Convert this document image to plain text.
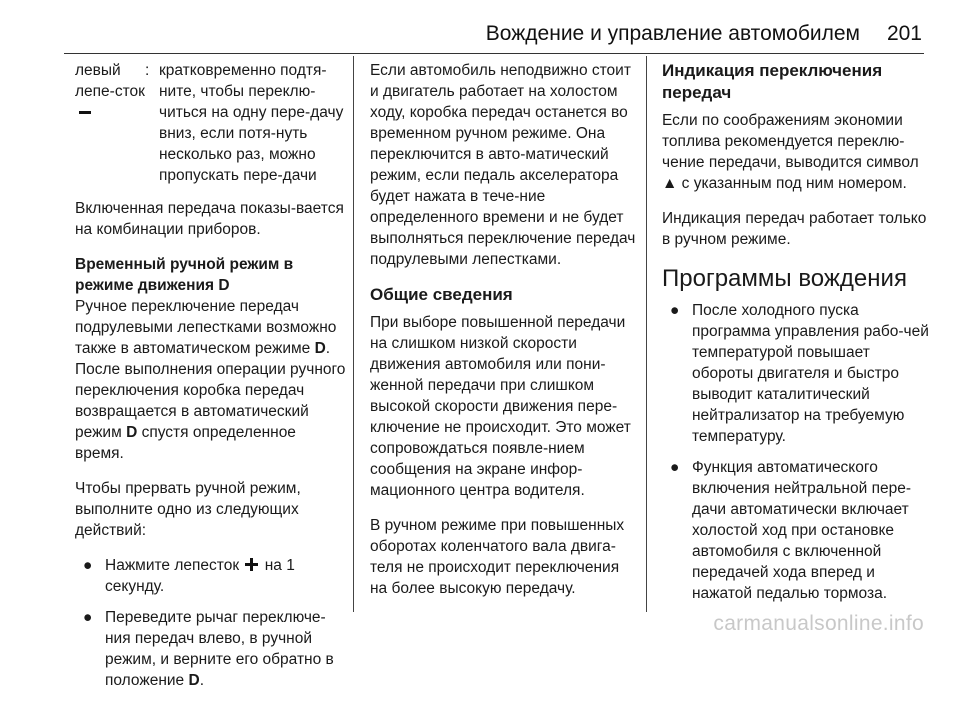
Вождение и управление автомобилем 201
левый лепе-сток
: кратковременно подтя-ните, чтобы переклю-читься на одну пере-дачу вниз, если потя-нуть несколько раз, можно пропускать пере-дачи

Включенная передача показы-вается на комбинации приборов.

Временный ручной режим в режиме движения D

Ручное переключение передач подрулевыми лепестками возможно также в автоматическом режиме D. После выполнения операции ручного переключения коробка передач возвращается в автоматический режим D спустя определенное время.

Чтобы прервать ручной режим, выполните одно из следующих действий:

● Нажмите лепесток  на 1 секунду.
● Переведите рычаг переключе-ния передач влево, в ручной режим, и верните его обратно в положение D.

Если автомобиль неподвижно стоит и двигатель работает на холостом ходу, коробка передач останется во временном ручном режиме. Она переключится в авто-матический режим, если педаль акселератора будет нажата в тече-ние определенного времени и не будет выполняться переключение передач подрулевыми лепестками.

Общие сведения

При выборе повышенной передачи на слишком низкой скорости движения автомобиля или пони-женной передачи при слишком высокой скорости движения пере-ключение не происходит. Это может сопровождаться появле-нием сообщения на экране инфор-мационного центра водителя.

В ручном режиме при повышенных оборотах коленчатого вала двига-теля не происходит переключения на более высокую передачу.

Индикация переключения передач

Если по соображениям экономии топлива рекомендуется переклю-чение передачи, выводится символ ▲ с указанным под ним номером.

Индикация передач работает только в ручном режиме.

Программы вождения
● После холодного пуска программа управления рабо-чей температурой повышает обороты двигателя и быстро выводит каталитический нейтрализатор на требуемую температуру.
● Функция автоматического включения нейтральной пере-дачи автоматически включает холостой ход при остановке автомобиля с включенной передачей хода вперед и нажатой педалью тормоза.
carmanualsonline.info
